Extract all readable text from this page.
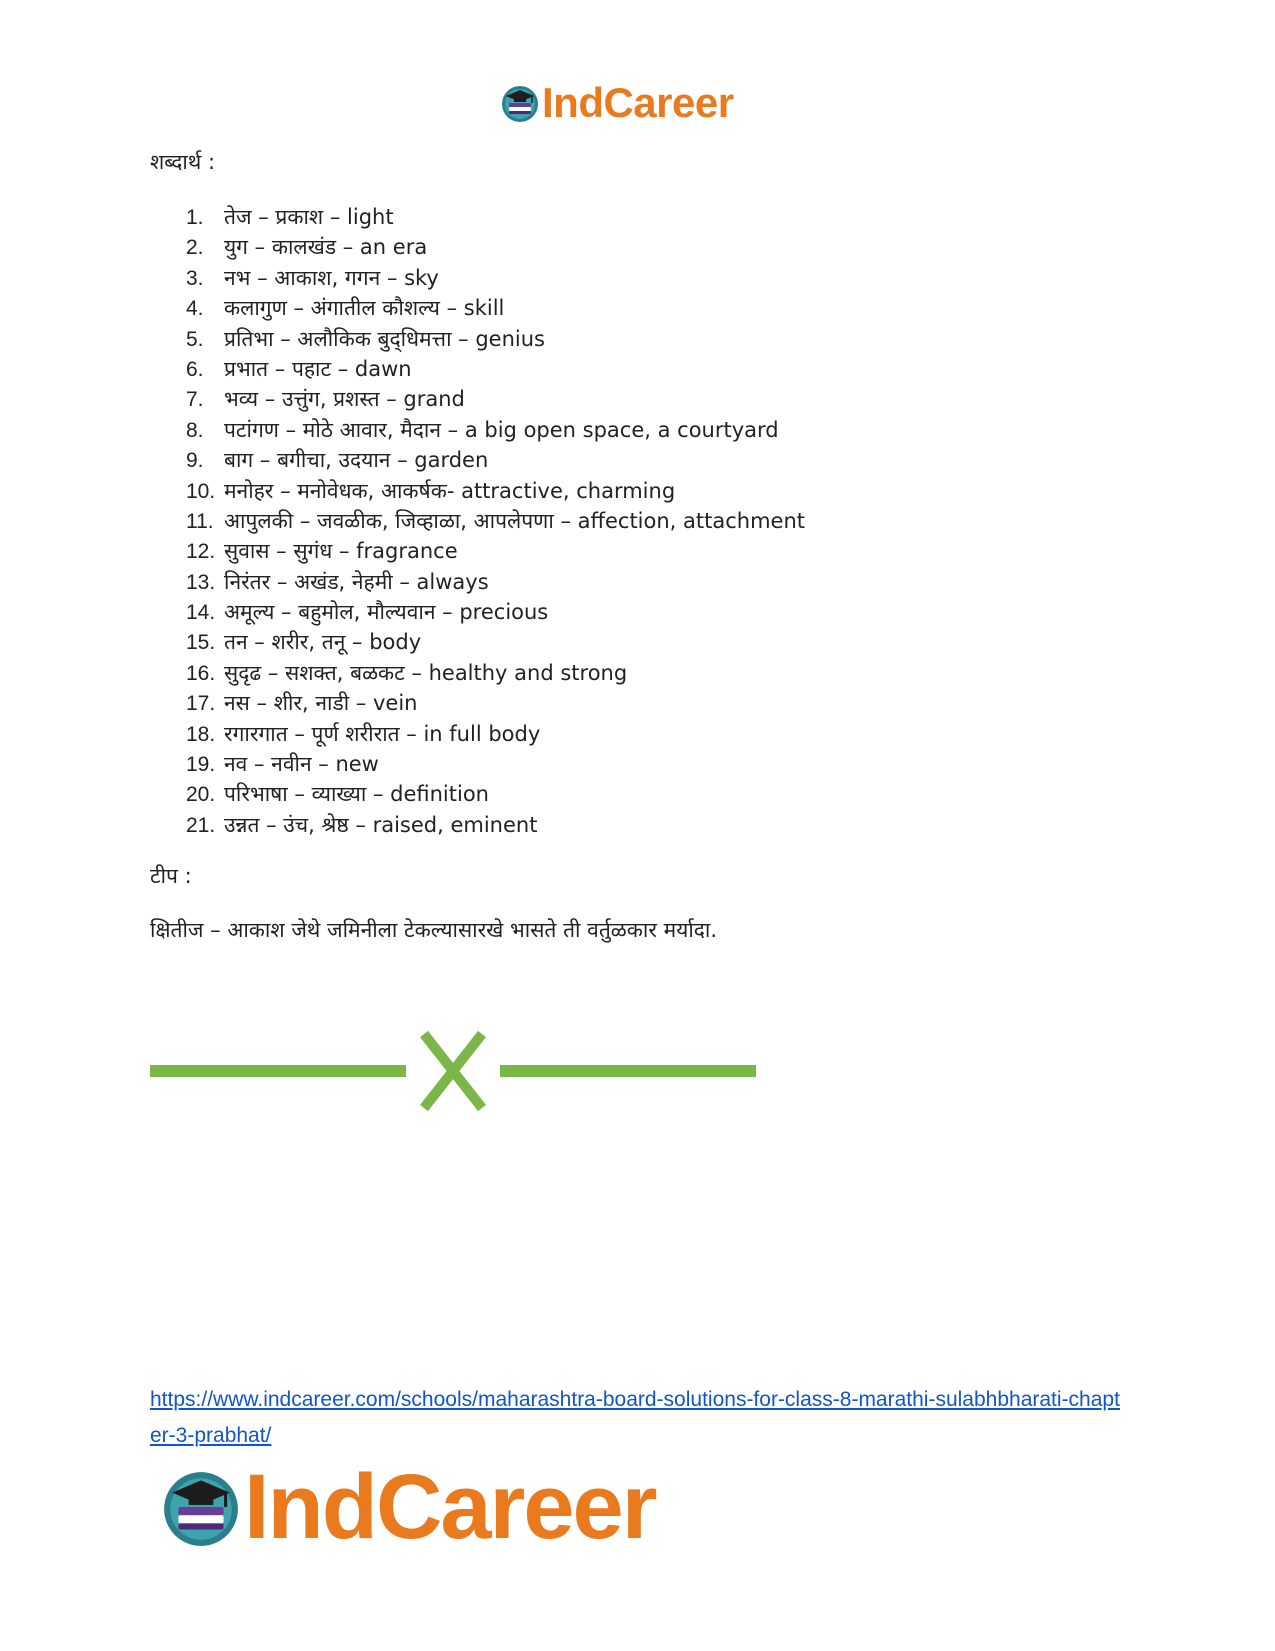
IndCareer
शब्दार्थ :
1. तेज – प्रकाश – light
2. युग – कालखंड – an era
3. नभ – आकाश, गगन – sky
4. कलागुण – अंगातील कौशल्य – skill
5. प्रतिभा – अलौकिक बुद्‌धिमत्ता – genius
6. प्रभात – पहाट – dawn
7. भव्य – उत्तुंग, प्रशस्त – grand
8. पटांगण – मोठे आवार, मैदान – a big open space, a courtyard
9. बाग – बगीचा, उदयान – garden
10. मनोहर – मनोवेधक, आकर्षक- attractive, charming
11. आपुलकी – जवळीक, जिव्हाळा, आपलेपणा – affection, attachment
12. सुवास – सुगंध – fragrance
13. निरंतर – अखंड, नेहमी – always
14. अमूल्य – बहुमोल, मौल्यवान – precious
15. तन – शरीर, तनू – body
16. सुदृढ – सशक्त, बळकट – healthy and strong
17. नस – शीर, नाडी – vein
18. रगारगात – पूर्ण शरीरात – in full body
19. नव – नवीन – new
20. परिभाषा – व्याख्या – definition
21. उन्नत – उंच, श्रेष्ठ – raised, eminent
टीप :
क्षितीज – आकाश जेथे जमिनीला टेकल्यासारखे भासते ती वर्तुळकार मर्यादा.
https://www.indcareer.com/schools/maharashtra-board-solutions-for-class-8-marathi-sulabhbharati-chapter-3-prabhat/
IndCareer
